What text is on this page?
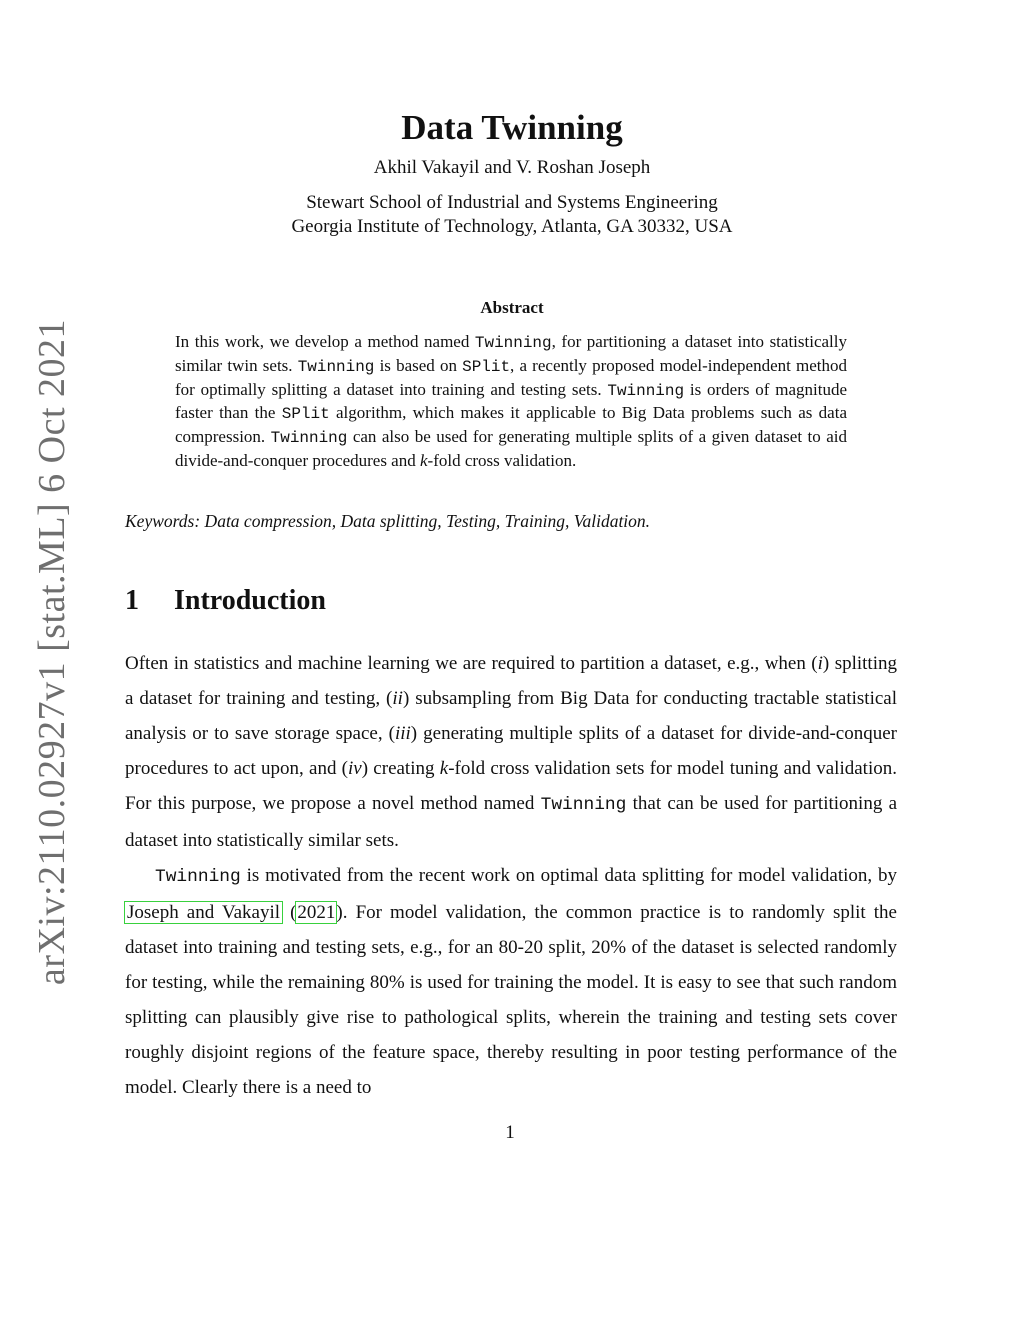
arXiv:2110.02927v1 [stat.ML] 6 Oct 2021
Data Twinning
Akhil Vakayil and V. Roshan Joseph
Stewart School of Industrial and Systems Engineering
Georgia Institute of Technology, Atlanta, GA 30332, USA
Abstract
In this work, we develop a method named Twinning, for partitioning a dataset into statistically similar twin sets. Twinning is based on SPlit, a recently proposed model-independent method for optimally splitting a dataset into training and testing sets. Twinning is orders of magnitude faster than the SPlit algorithm, which makes it applicable to Big Data problems such as data compression. Twinning can also be used for generating multiple splits of a given dataset to aid divide-and-conquer procedures and k-fold cross validation.
Keywords: Data compression, Data splitting, Testing, Training, Validation.
1 Introduction

Often in statistics and machine learning we are required to partition a dataset, e.g., when (i) splitting a dataset for training and testing, (ii) subsampling from Big Data for conducting tractable statistical analysis or to save storage space, (iii) generating multiple splits of a dataset for divide-and-conquer procedures to act upon, and (iv) creating k-fold cross validation sets for model tuning and validation. For this purpose, we propose a novel method named Twinning that can be used for partitioning a dataset into statistically similar sets.

Twinning is motivated from the recent work on optimal data splitting for model validation, by Joseph and Vakayil (2021). For model validation, the common practice is to randomly split the dataset into training and testing sets, e.g., for an 80-20 split, 20% of the dataset is selected randomly for testing, while the remaining 80% is used for training the model. It is easy to see that such random splitting can plausibly give rise to pathological splits, wherein the training and testing sets cover roughly disjoint regions of the feature space, thereby resulting in poor testing performance of the model. Clearly there is a need to

1
